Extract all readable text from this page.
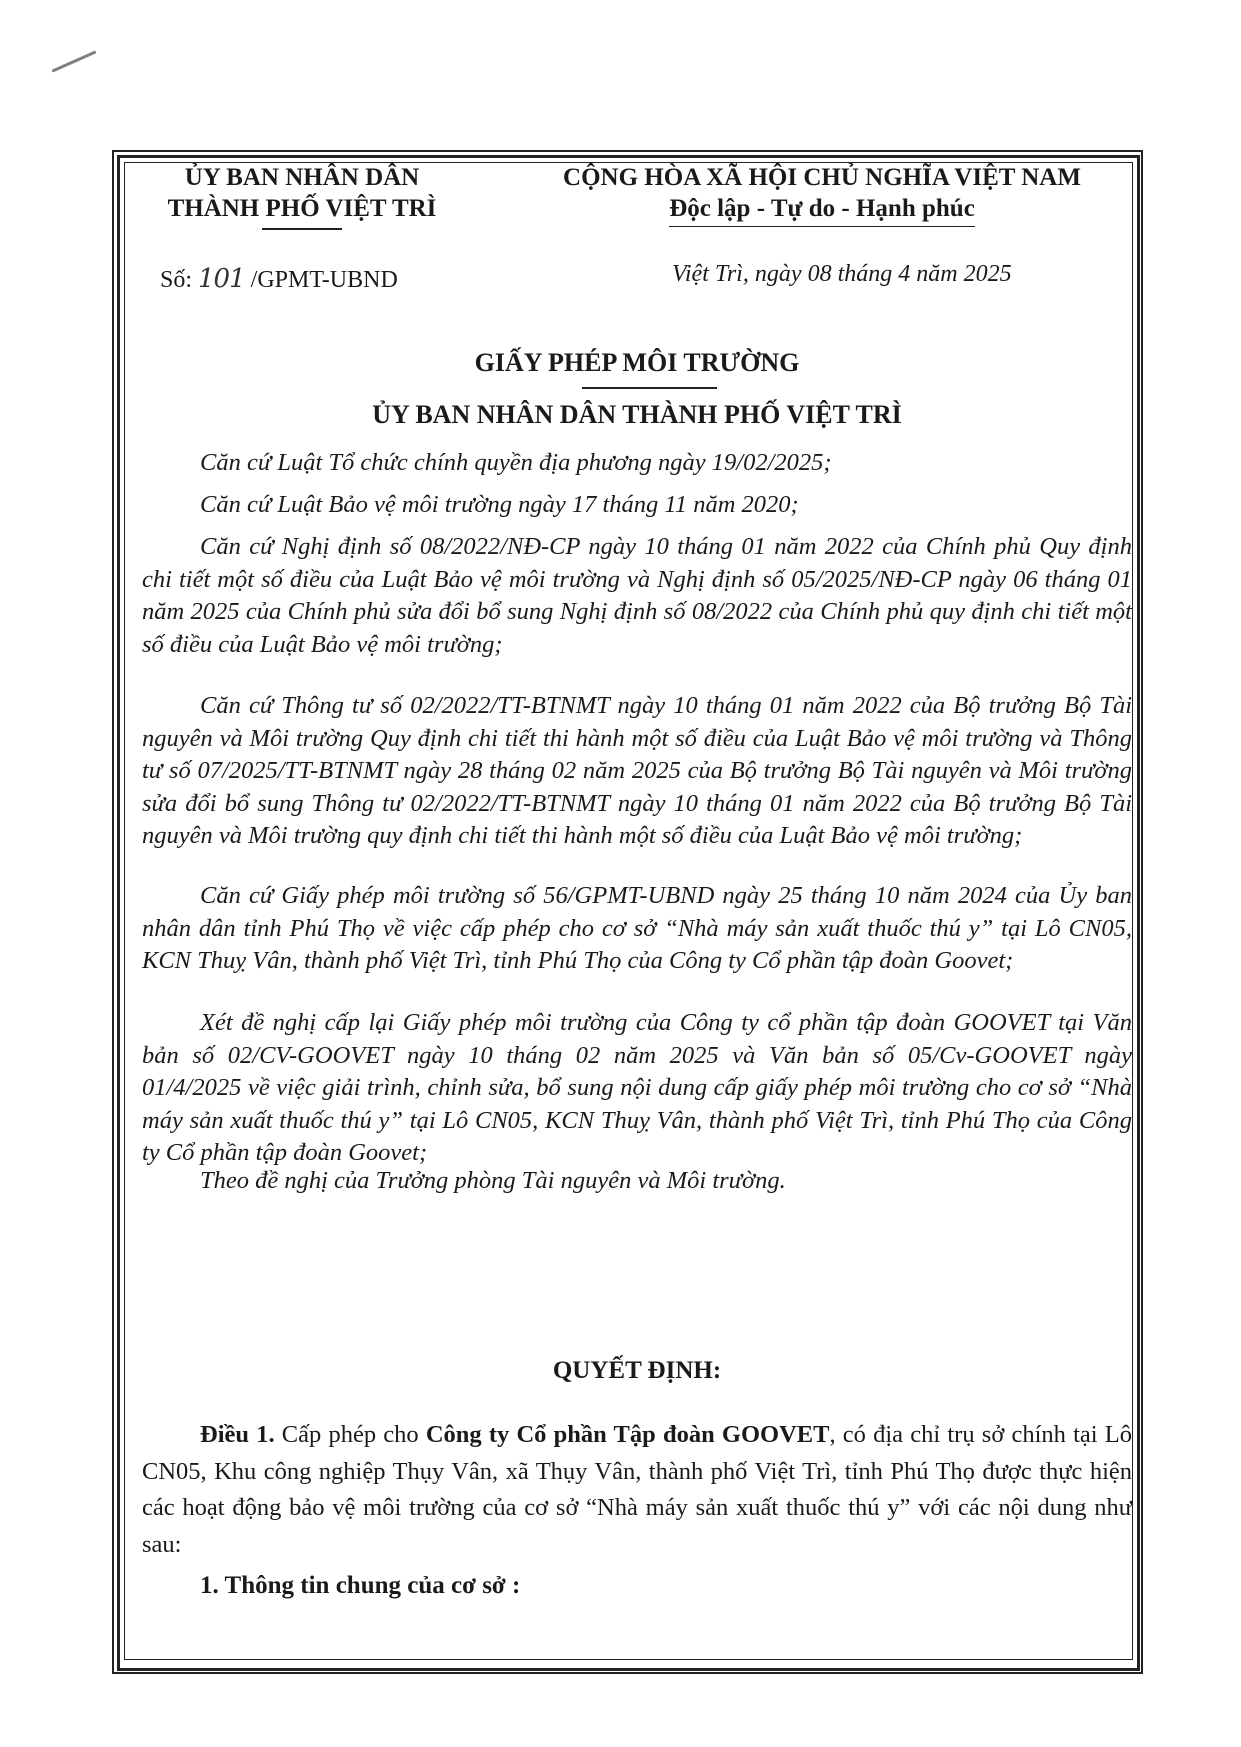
ỦY BAN NHÂN DÂN
THÀNH PHỐ VIỆT TRÌ
CỘNG HÒA XÃ HỘI CHỦ NGHĨA VIỆT NAM
Độc lập - Tự do - Hạnh phúc
Số: 101 /GPMT-UBND	Việt Trì, ngày 08 tháng 4 năm 2025
GIẤY PHÉP MÔI TRƯỜNG
ỦY BAN NHÂN DÂN THÀNH PHỐ VIỆT TRÌ
Căn cứ Luật Tổ chức chính quyền địa phương ngày 19/02/2025;
Căn cứ Luật Bảo vệ môi trường ngày 17 tháng 11 năm 2020;
Căn cứ Nghị định số 08/2022/NĐ-CP ngày 10 tháng 01 năm 2022 của Chính phủ Quy định chi tiết một số điều của Luật Bảo vệ môi trường và Nghị định số 05/2025/NĐ-CP ngày 06 tháng 01 năm 2025 của Chính phủ sửa đổi bổ sung Nghị định số 08/2022 của Chính phủ quy định chi tiết một số điều của Luật Bảo vệ môi trường;
Căn cứ Thông tư số 02/2022/TT-BTNMT ngày 10 tháng 01 năm 2022 của Bộ trưởng Bộ Tài nguyên và Môi trường Quy định chi tiết thi hành một số điều của Luật Bảo vệ môi trường và Thông tư số 07/2025/TT-BTNMT ngày 28 tháng 02 năm 2025 của Bộ trưởng Bộ Tài nguyên và Môi trường sửa đổi bổ sung Thông tư 02/2022/TT-BTNMT ngày 10 tháng 01 năm 2022 của Bộ trưởng Bộ Tài nguyên và Môi trường quy định chi tiết thi hành một số điều của Luật Bảo vệ môi trường;
Căn cứ Giấy phép môi trường số 56/GPMT-UBND ngày 25 tháng 10 năm 2024 của Ủy ban nhân dân tỉnh Phú Thọ về việc cấp phép cho cơ sở “Nhà máy sản xuất thuốc thú y” tại Lô CN05, KCN Thuỵ Vân, thành phố Việt Trì, tỉnh Phú Thọ của Công ty Cổ phần tập đoàn Goovet;
Xét đề nghị cấp lại Giấy phép môi trường của Công ty cổ phần tập đoàn GOOVET tại Văn bản số 02/CV-GOOVET ngày 10 tháng 02 năm 2025 và Văn bản số 05/Cv-GOOVET ngày 01/4/2025 về việc giải trình, chỉnh sửa, bổ sung nội dung cấp giấy phép môi trường cho cơ sở “Nhà máy sản xuất thuốc thú y” tại Lô CN05, KCN Thuỵ Vân, thành phố Việt Trì, tỉnh Phú Thọ của Công ty Cổ phần tập đoàn Goovet;
Theo đề nghị của Trưởng phòng Tài nguyên và Môi trường.
QUYẾT ĐỊNH:
Điều 1. Cấp phép cho Công ty Cổ phần Tập đoàn GOOVET, có địa chỉ trụ sở chính tại Lô CN05, Khu công nghiệp Thụy Vân, xã Thụy Vân, thành phố Việt Trì, tỉnh Phú Thọ được thực hiện các hoạt động bảo vệ môi trường của cơ sở “Nhà máy sản xuất thuốc thú y” với các nội dung như sau:
1. Thông tin chung của cơ sở :
